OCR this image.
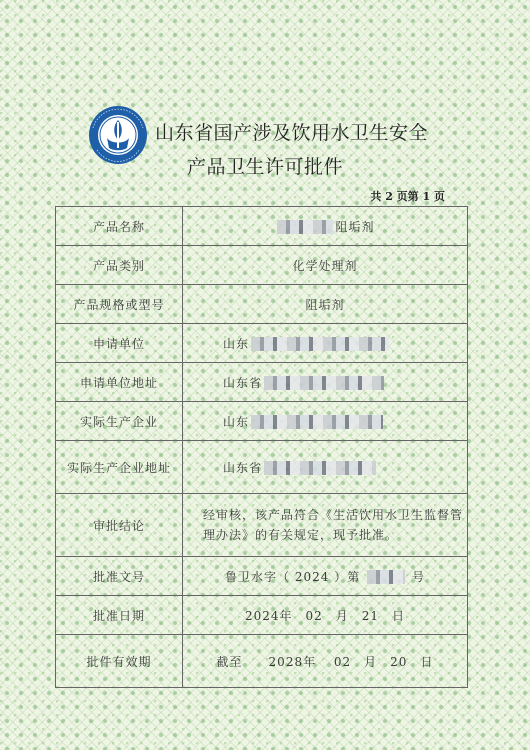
山东省国产涉及饮用水卫生安全
产品卫生许可批件
共 2 页第 1 页
产品名称	阻垢剂
产品类别	化学处理剂
产品规格或型号	阻垢剂
申请单位	山东
申请单位地址	山东省
实际生产企业	山东
实际生产企业地址	山东省
审批结论	经审核，该产品符合《生活饮用水卫生监督管理办法》的有关规定，现予批准。
批准文号	鲁卫水字（ 2024 ）第 号
批准日期	2024年　02　月　21　日
批件有效期	截至　　2028年　 02　月　20　日
